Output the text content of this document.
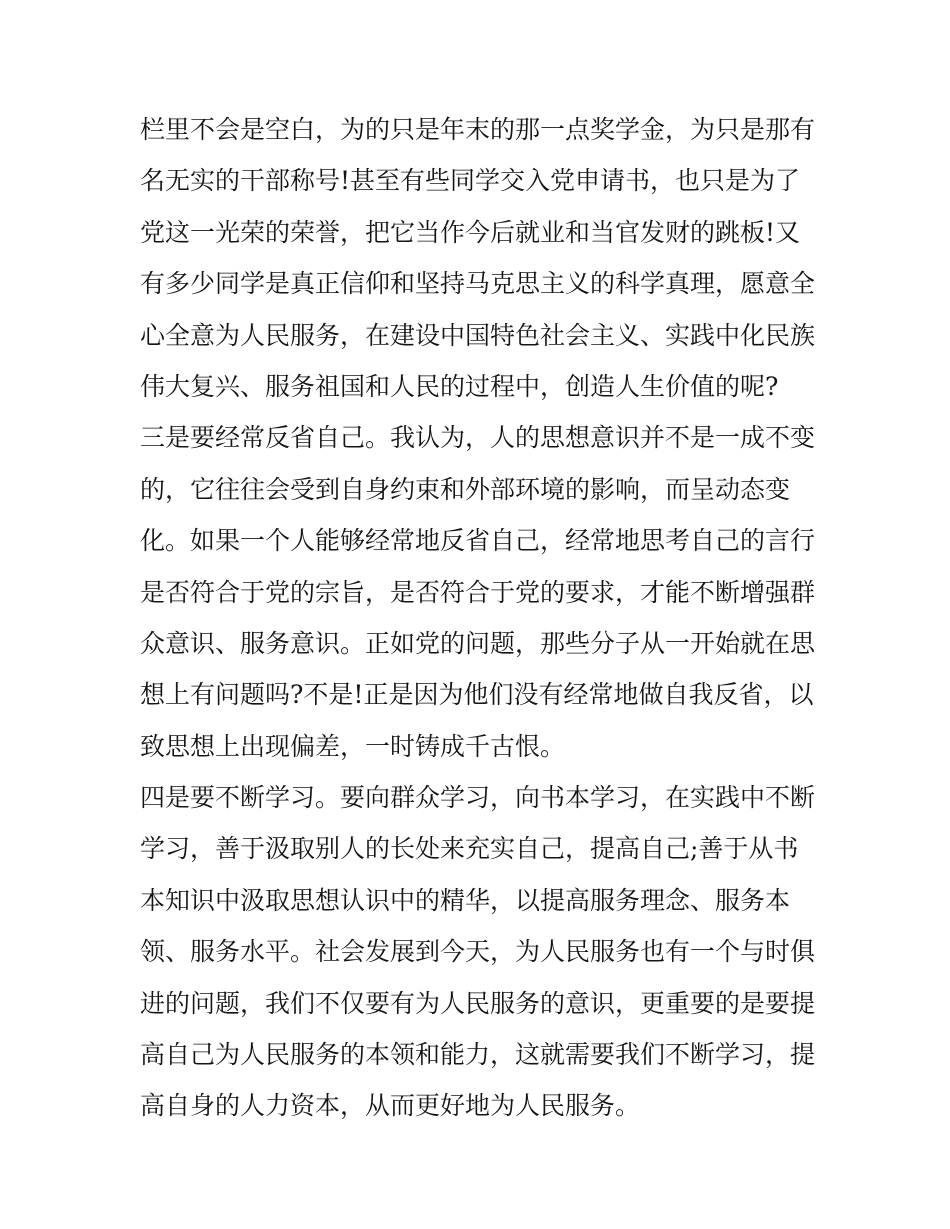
栏里不会是空白，为的只是年末的那一点奖学金，为只是那有
名无实的干部称号!甚至有些同学交入党申请书，也只是为了
党这一光荣的荣誉，把它当作今后就业和当官发财的跳板!又
有多少同学是真正信仰和坚持马克思主义的科学真理，愿意全
心全意为人民服务，在建设中国特色社会主义、实践中化民族
伟大复兴、服务祖国和人民的过程中，创造人生价值的呢?
三是要经常反省自己。我认为，人的思想意识并不是一成不变
的，它往往会受到自身约束和外部环境的影响，而呈动态变
化。如果一个人能够经常地反省自己，经常地思考自己的言行
是否符合于党的宗旨，是否符合于党的要求，才能不断增强群
众意识、服务意识。正如党的问题，那些分子从一开始就在思
想上有问题吗?不是!正是因为他们没有经常地做自我反省，以
致思想上出现偏差，一时铸成千古恨。
四是要不断学习。要向群众学习，向书本学习，在实践中不断
学习，善于汲取别人的长处来充实自己，提高自己;善于从书
本知识中汲取思想认识中的精华，以提高服务理念、服务本
领、服务水平。社会发展到今天，为人民服务也有一个与时俱
进的问题，我们不仅要有为人民服务的意识，更重要的是要提
高自己为人民服务的本领和能力，这就需要我们不断学习，提
高自身的人力资本，从而更好地为人民服务。
